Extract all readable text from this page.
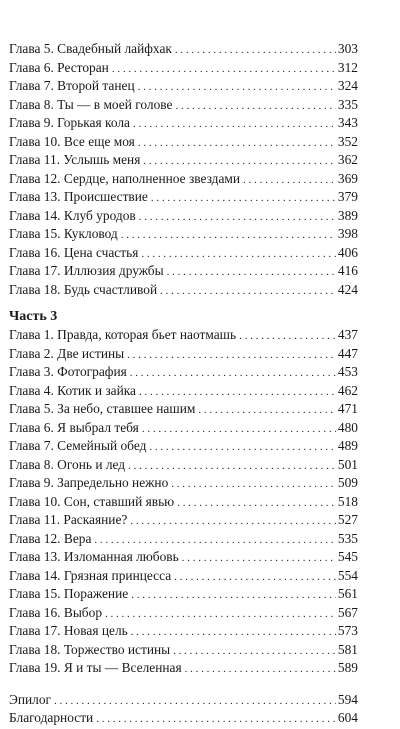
Глава 5. Свадебный лайфхак . . .	303
Глава 6. Ресторан . . .	312
Глава 7. Второй танец . . .	324
Глава 8. Ты — в моей голове . . .	335
Глава 9. Горькая кола . . .	343
Глава 10. Все еще моя . . .	352
Глава 11. Услышь меня . . .	362
Глава 12. Сердце, наполненное звездами . . .	369
Глава 13. Происшествие . . .	379
Глава 14. Клуб уродов . . .	389
Глава 15. Кукловод . . .	398
Глава 16. Цена счастья . . .	406
Глава 17. Иллюзия дружбы . . .	416
Глава 18. Будь счастливой . . .	424
Часть 3
Глава 1. Правда, которая бьет наотмашь . . .	437
Глава 2. Две истины . . .	447
Глава 3. Фотография . . .	453
Глава 4. Котик и зайка . . .	462
Глава 5. За небо, ставшее нашим . . .	471
Глава 6. Я выбрал тебя . . .	480
Глава 7. Семейный обед . . .	489
Глава 8. Огонь и лед . . .	501
Глава 9. Запредельно нежно . . .	509
Глава 10. Сон, ставший явью . . .	518
Глава 11. Раскаяние? . . .	527
Глава 12. Вера . . .	535
Глава 13. Изломанная любовь . . .	545
Глава 14. Грязная принцесса . . .	554
Глава 15. Поражение . . .	561
Глава 16. Выбор . . .	567
Глава 17. Новая цель . . .	573
Глава 18. Торжество истины . . .	581
Глава 19. Я и ты — Вселенная . . .	589
Эпилог . . .	594
Благодарности . . .	604
